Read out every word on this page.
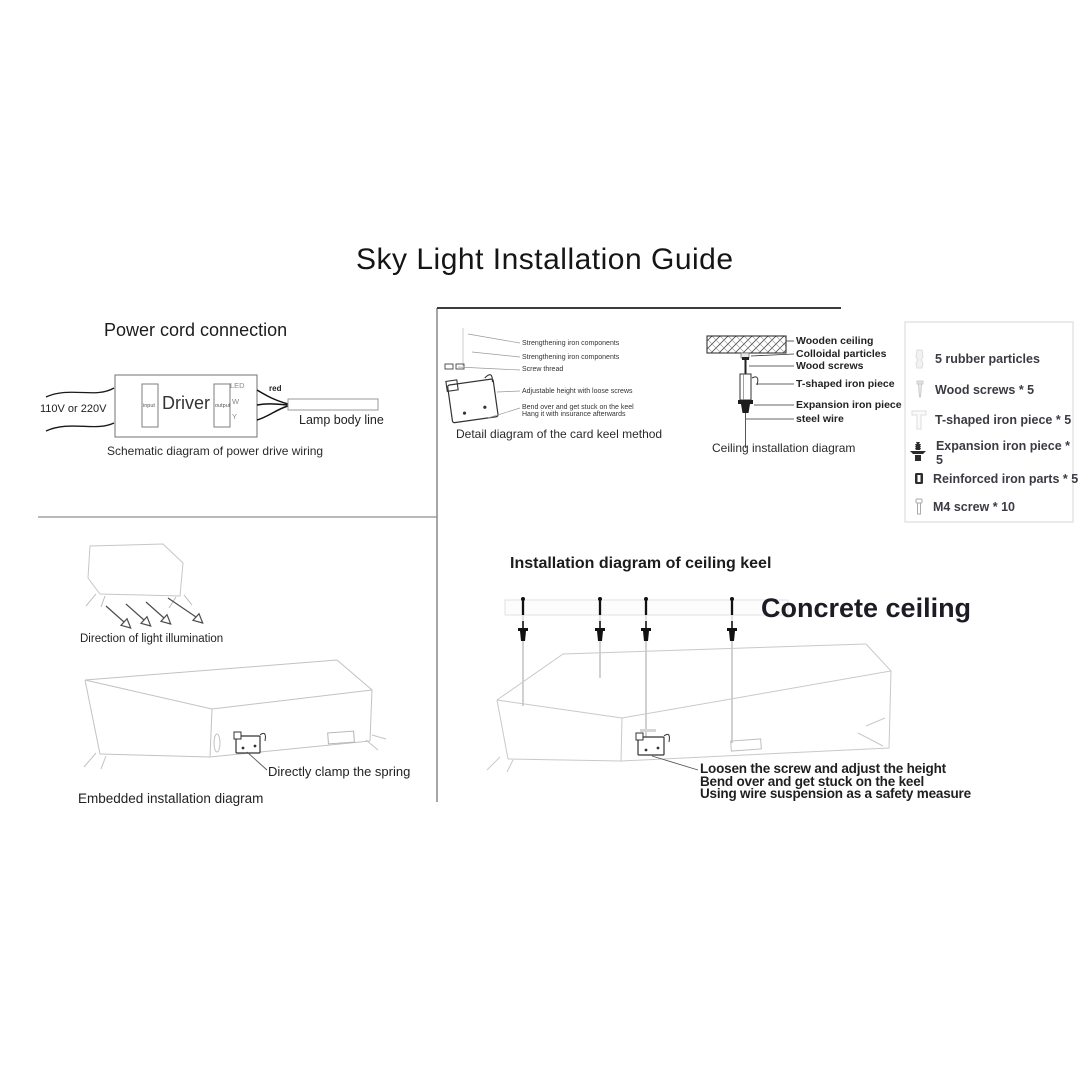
Sky Light Installation Guide
Power cord connection
110V or 220V	Driver
input	output
LED
W
Y
red
Lamp body line
Schematic diagram of power drive wiring
Strengthening iron components
Strengthening iron components
Screw thread
Adjustable height with loose screws
Bend over and get stuck on the keel
Hang it with insurance afterwards
Detail diagram of the card keel method
Wooden ceiling
Colloidal particles
Wood screws
T-shaped iron piece
Expansion iron piece
steel wire
Ceiling installation diagram
5 rubber particles
Wood screws * 5
T-shaped iron piece * 5
Expansion iron piece * 5
Reinforced iron parts * 5
M4 screw * 10
Installation diagram of ceiling keel
Concrete ceiling
Loosen the screw and adjust the height
Bend over and get stuck on the keel
Using wire suspension as a safety measure
Direction of light illumination
Directly clamp the spring
Embedded installation diagram
